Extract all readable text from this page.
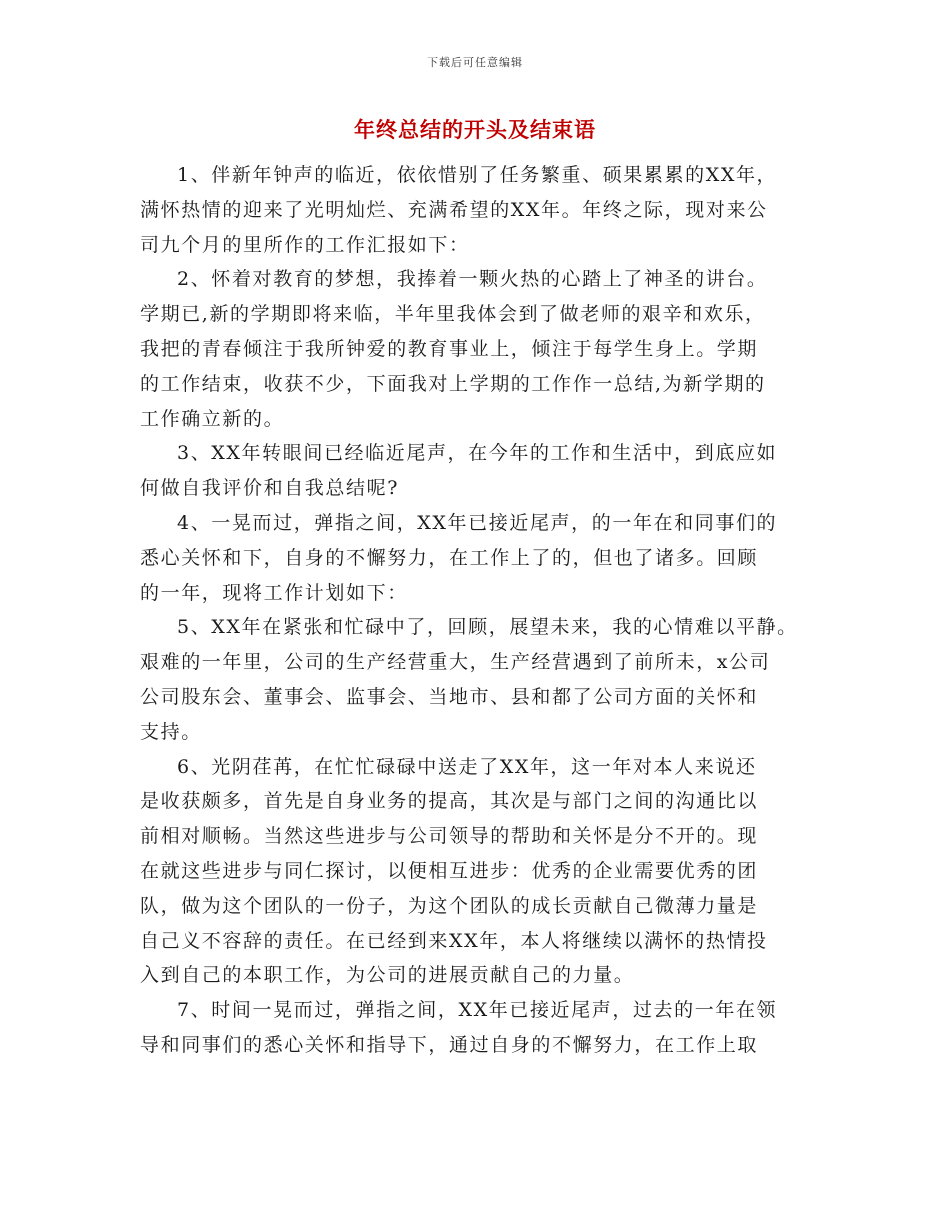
下载后可任意编辑
年终总结的开头及结束语

1、伴新年钟声的临近，依依惜别了任务繁重、硕果累累的XX年，
满怀热情的迎来了光明灿烂、充满希望的XX年。年终之际，现对来公
司九个月的里所作的工作汇报如下：

2、怀着对教育的梦想，我捧着一颗火热的心踏上了神圣的讲台。
学期已,新的学期即将来临，半年里我体会到了做老师的艰辛和欢乐，
我把的青春倾注于我所钟爱的教育事业上，倾注于每学生身上。学期
的工作结束，收获不少，下面我对上学期的工作作一总结,为新学期的
工作确立新的。

3、XX年转眼间已经临近尾声，在今年的工作和生活中，到底应如
何做自我评价和自我总结呢?

4、一晃而过，弹指之间，XX年已接近尾声，的一年在和同事们的
悉心关怀和下，自身的不懈努力，在工作上了的，但也了诸多。回顾
的一年，现将工作计划如下：

5、XX年在紧张和忙碌中了，回顾，展望未来，我的心情难以平静。
艰难的一年里，公司的生产经营重大，生产经营遇到了前所未，x公司
公司股东会、董事会、监事会、当地市、县和都了公司方面的关怀和
支持。

6、光阴荏苒，在忙忙碌碌中送走了XX年，这一年对本人来说还
是收获颇多，首先是自身业务的提高，其次是与部门之间的沟通比以
前相对顺畅。当然这些进步与公司领导的帮助和关怀是分不开的。现
在就这些进步与同仁探讨，以便相互进步：优秀的企业需要优秀的团
队，做为这个团队的一份子，为这个团队的成长贡献自己微薄力量是
自己义不容辞的责任。在已经到来XX年，本人将继续以满怀的热情投
入到自己的本职工作，为公司的进展贡献自己的力量。

7、时间一晃而过，弹指之间，XX年已接近尾声，过去的一年在领
导和同事们的悉心关怀和指导下，通过自身的不懈努力，在工作上取
